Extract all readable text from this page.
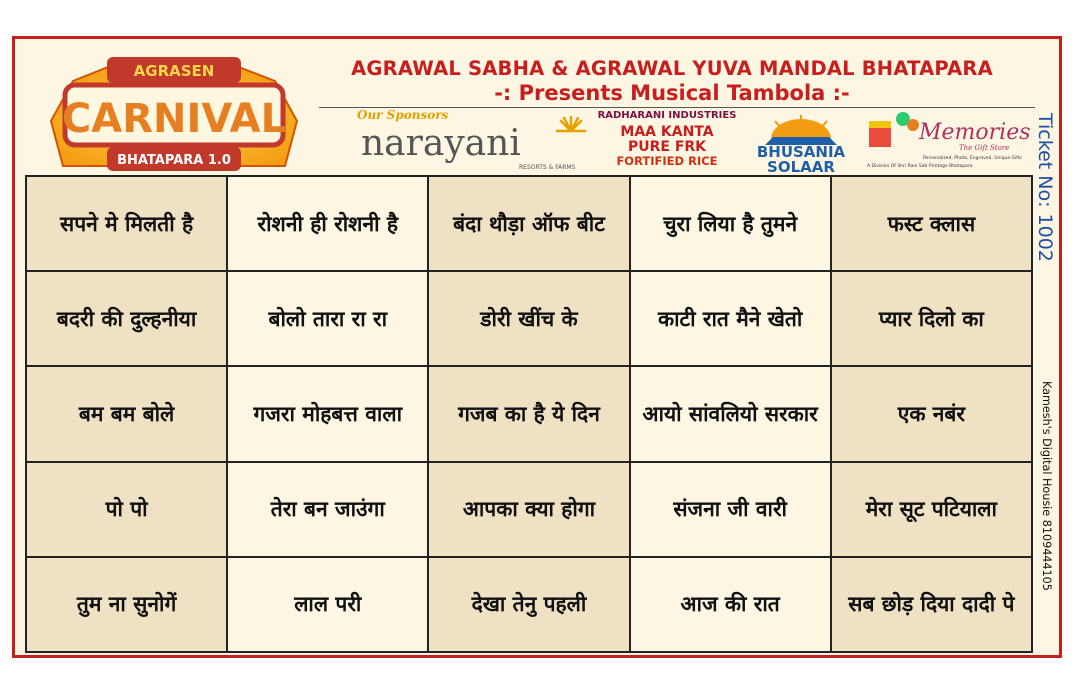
AGRASEN
CARNIVAL
BHATAPARA 1.0
AGRAWAL SABHA & AGRAWAL YUVA MANDAL BHATAPARA
-: Presents Musical Tambola :-
Our Sponsors
narayani
RESORTS & FARMS
RADHARANI INDUSTRIES
MAA KANTA
PURE FRK
FORTIFIED RICE	BHUSANIA
SOLAAR
Memories
The Gift Store
Personalized, Photo, Engraved, Unique Gifts
A Division Of Shri Rani Sati Printage Bhatapara	Ticket No: 1002
Kamesh's Digital Housie 8109444105
सपने मे मिलती है	रोशनी ही रोशनी है	बंदा थौड़ा ऑफ बीट	चुरा लिया है तुमने	फस्ट क्लास

बदरी की दुल्हनीया	बोलो तारा रा रा	डोरी खींच के	काटी रात मैने खेतो	प्यार दिलो का

बम बम बोले	गजरा मोहबत्त वाला	गजब का है ये दिन	आयो सांवलियो सरकार	एक नबंर

पो पो	तेरा बन जाउंगा	आपका क्या होगा	संजना जी वारी	मेरा सूट पटियाला

तुम ना सुनोगें	लाल परी	देखा तेनु पहली	आज की रात	सब छोड़ दिया दादी पे
